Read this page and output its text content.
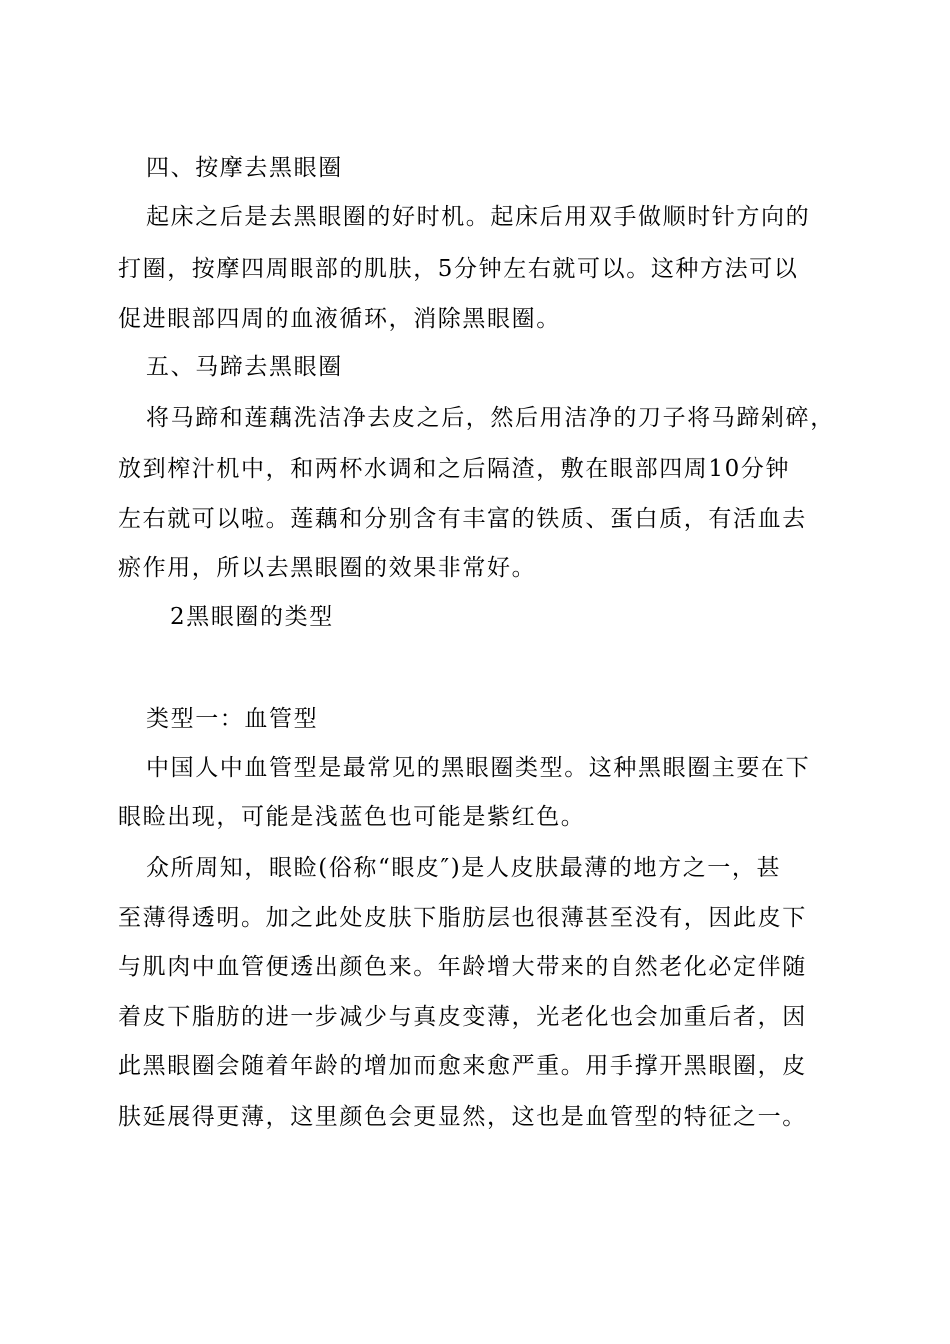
四、按摩去黑眼圈
起床之后是去黑眼圈的好时机。起床后用双手做顺时针方向的
打圈，按摩四周眼部的肌肤，5分钟左右就可以。这种方法可以
促进眼部四周的血液循环，消除黑眼圈。
五、马蹄去黑眼圈
将马蹄和莲藕洗洁净去皮之后，然后用洁净的刀子将马蹄剁碎，
放到榨汁机中，和两杯水调和之后隔渣，敷在眼部四周10分钟
左右就可以啦。莲藕和分别含有丰富的铁质、蛋白质，有活血去
瘀作用，所以去黑眼圈的效果非常好。
2黑眼圈的类型
类型一：血管型
中国人中血管型是最常见的黑眼圈类型。这种黑眼圈主要在下
眼睑出现，可能是浅蓝色也可能是紫红色。
众所周知，眼睑(俗称“眼皮″)是人皮肤最薄的地方之一，甚
至薄得透明。加之此处皮肤下脂肪层也很薄甚至没有，因此皮下
与肌肉中血管便透出颜色来。年龄增大带来的自然老化必定伴随
着皮下脂肪的进一步减少与真皮变薄，光老化也会加重后者，因
此黑眼圈会随着年龄的增加而愈来愈严重。用手撑开黑眼圈，皮
肤延展得更薄，这里颜色会更显然，这也是血管型的特征之一。
